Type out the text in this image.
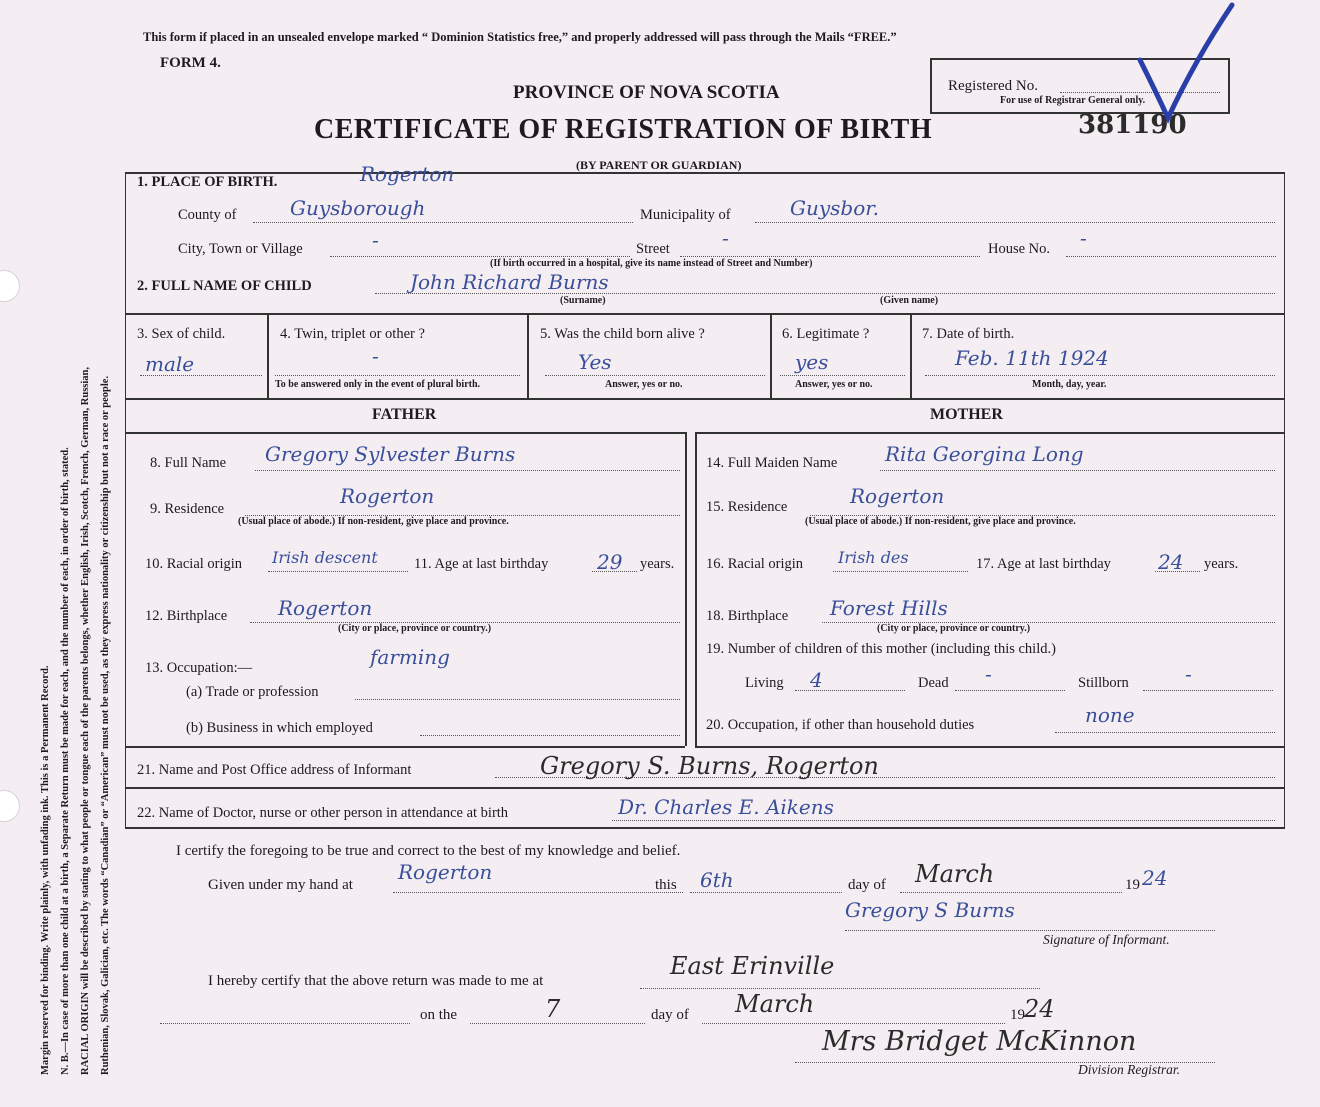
Margin reserved for binding. Write plainly, with unfading ink. This is a Permanent Record. N. B.—In case of more than one child at a birth, a Separate Return must be made for each, and the number of each, in order of birth, stated. RACIAL ORIGIN will be described by stating to what people or tongue each of the parents belongs, whether English, Irish, Scotch, French, German, Russian, Ruthenian, Slovak, Galician, etc. The words “Canadian” or “American” must not be used, as they express nationality or citizenship but not a race or people.
This form if placed in an unsealed envelope marked “ Dominion Statistics free,” and properly addressed will pass through the Mails “FREE.”
FORM 4.
PROVINCE OF NOVA SCOTIA
CERTIFICATE OF REGISTRATION OF BIRTH
(BY PARENT OR GUARDIAN)
Registered No.
For use of Registrar General only.
381190
1. PLACE OF BIRTH.	Rogerton
County of	Guysborough	Municipality of	Guysbor.
City, Town or Village	-	Street	-	House No. -
(If birth occurred in a hospital, give its name instead of Street and Number)
2. FULL NAME OF CHILD	John Richard Burns
(Surname)	(Given name)
3. Sex of child.
male
4. Twin, triplet or other ?
-
To be answered only in the event of plural birth.
5. Was the child born alive ?
Yes
Answer, yes or no.
6. Legitimate ?
yes
Answer, yes or no.
7. Date of birth.
Feb. 11th 1924
Month, day, year.
FATHER	MOTHER
8. Full Name Gregory Sylvester Burns	14. Full Maiden Name Rita Georgina Long
9. Residence
Rogerton
(Usual place of abode.) If non-resident, give place and province.
15. Residence	Rogerton
(Usual place of abode.) If non-resident, give place and province.
10. Racial origin Irish descent 11. Age at last birthday 29 years. 16. Racial origin Irish des	17. Age at last birthday 24 years.
12. Birthplace	Rogerton
(City or place, province or country.)
18. Birthplace Forest Hills
(City or place, province or country.)
13. Occupation:—	farming
(a) Trade or profession
(b) Business in which employed
19. Number of children of this mother (including this child.)
Living 4	Dead -	Stillborn	-
20. Occupation, if other than household duties	none
21. Name and Post Office address of Informant	Gregory S. Burns, Rogerton
22. Name of Doctor, nurse or other person in attendance at birth	Dr. Charles E. Aikens
I certify the foregoing to be true and correct to the best of my knowledge and belief.
Given under my hand at
Rogerton
this 6th	day of March	19 24
Gregory S Burns
Signature of Informant.
I hereby certify that the above return was made to me at
East Erinville
on the	7	day of March	19 24
Mrs Bridget McKinnon
Division Registrar.
